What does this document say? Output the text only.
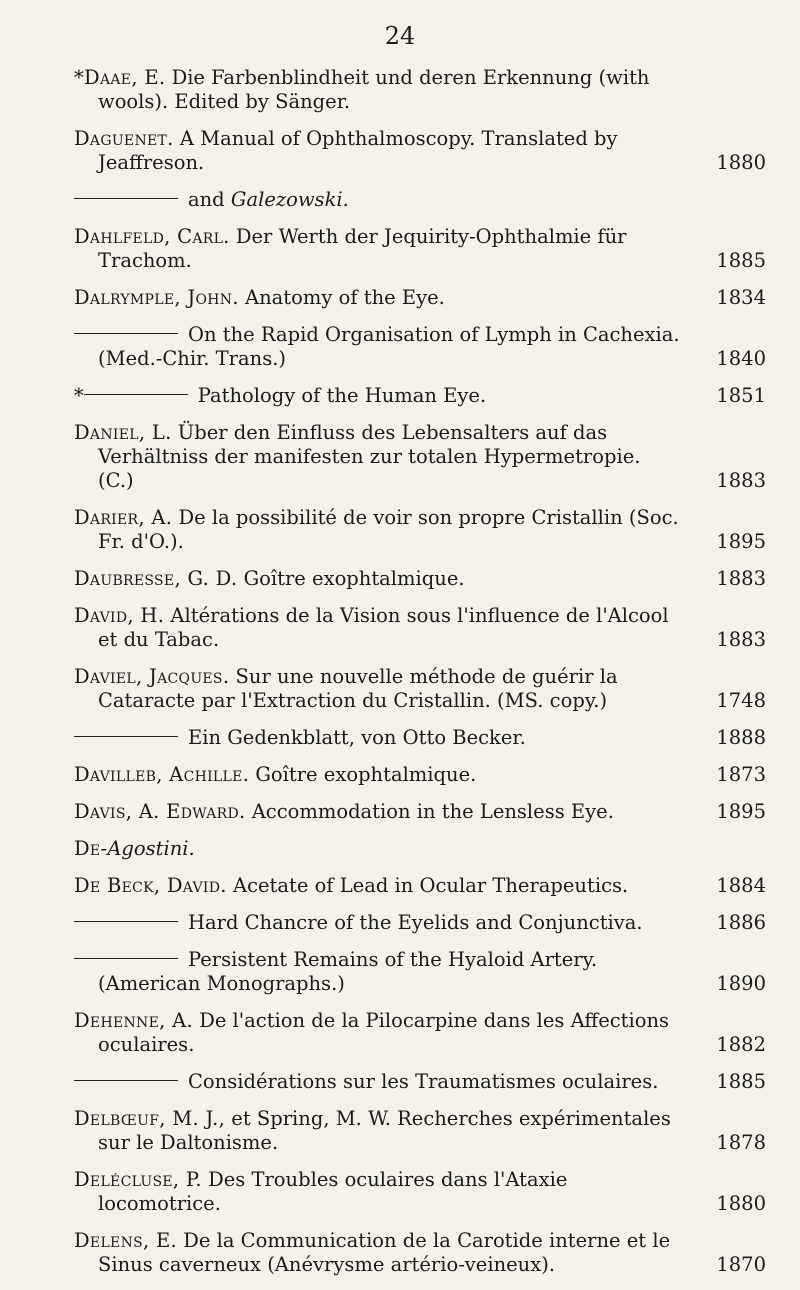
24
*Daae, E. Die Farbenblindheit und deren Erkennung (with wools). Edited by Sänger.
Daguenet. A Manual of Ophthalmoscopy. Translated by Jeaffreson.	1880
and Galezowski.
Dahlfeld, Carl. Der Werth der Jequirity-Ophthalmie für Trachom.	1885
Dalrymple, John. Anatomy of the Eye.	1834
On the Rapid Organisation of Lymph in Cachexia. (Med.-Chir. Trans.)	1840
*	Pathology of the Human Eye.	1851
Daniel, L. Über den Einfluss des Lebensalters auf das Verhältniss der manifesten zur totalen Hypermetropie. (C.)	1883
Darier, A. De la possibilité de voir son propre Cristallin (Soc. Fr. d'O.).	1895
Daubresse, G. D. Goître exophtalmique.	1883
David, H. Altérations de la Vision sous l'influence de l'Alcool et du Tabac.	1883
Daviel, Jacques. Sur une nouvelle méthode de guérir la Cataracte par l'Extraction du Cristallin. (MS. copy.)	1748
Ein Gedenkblatt, von Otto Becker.	1888
Davilleb, Achille. Goître exophtalmique.	1873
Davis, A. Edward. Accommodation in the Lensless Eye.	1895
De-Agostini.
De Beck, David. Acetate of Lead in Ocular Therapeutics.	1884
Hard Chancre of the Eyelids and Conjunctiva.	1886
Persistent Remains of the Hyaloid Artery. (American Monographs.)	1890
Dehenne, A. De l'action de la Pilocarpine dans les Affections oculaires.	1882
Considérations sur les Traumatismes oculaires.	1885
Delbœuf, M. J., et Spring, M. W. Recherches expérimentales sur le Daltonisme.	1878
Delécluse, P. Des Troubles oculaires dans l'Ataxie locomotrice.	1880
Delens, E. De la Communication de la Carotide interne et le Sinus caverneux (Anévrysme artério-veineux).	1870
